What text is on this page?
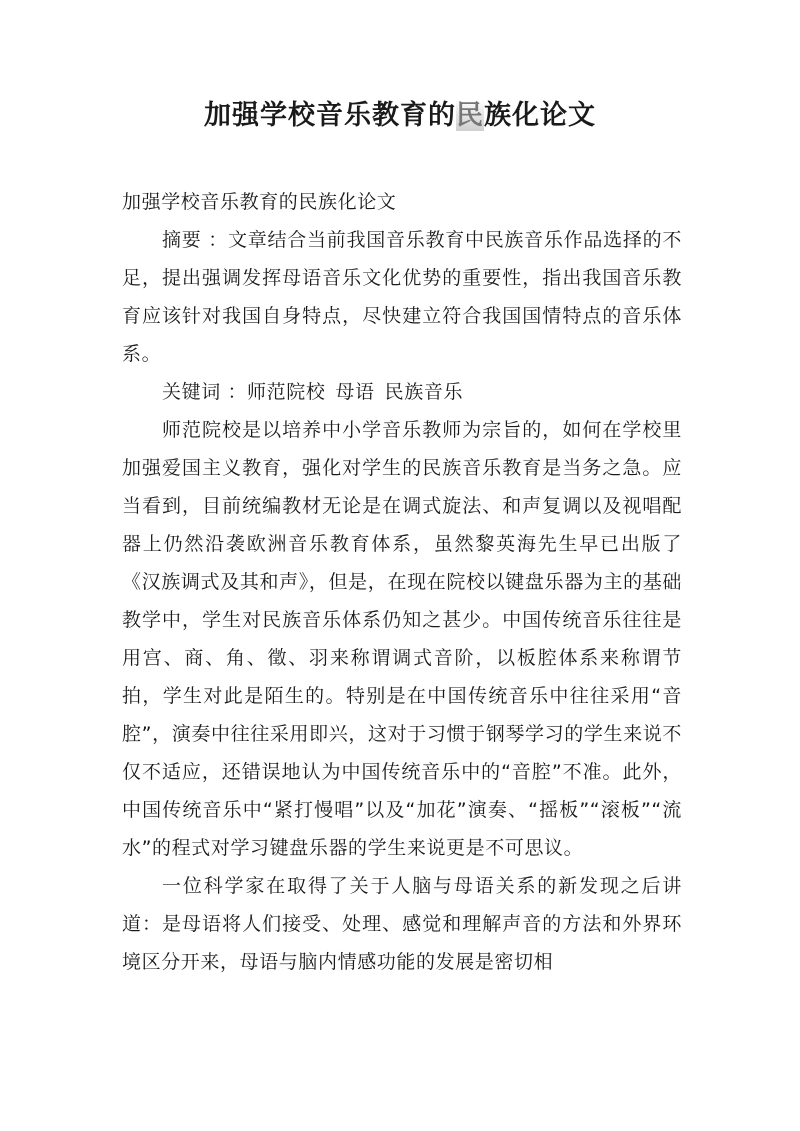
加强学校音乐教育的民族化论文

加强学校音乐教育的民族化论文

摘要 ：文章结合当前我国音乐教育中民族音乐作品选择的不足，提出强调发挥母语音乐文化优势的重要性，指出我国音乐教育应该针对我国自身特点，尽快建立符合我国国情特点的音乐体系。

关键词 ：师范院校 母语 民族音乐

师范院校是以培养中小学音乐教师为宗旨的，如何在学校里加强爱国主义教育，强化对学生的民族音乐教育是当务之急。应当看到，目前统编教材无论是在调式旋法、和声复调以及视唱配器上仍然沿袭欧洲音乐教育体系，虽然黎英海先生早已出版了《汉族调式及其和声》，但是，在现在院校以键盘乐器为主的基础教学中，学生对民族音乐体系仍知之甚少。中国传统音乐往往是用宫、商、角、徵、羽来称谓调式音阶，以板腔体系来称谓节拍，学生对此是陌生的。特别是在中国传统音乐中往往采用“音腔”，演奏中往往采用即兴，这对于习惯于钢琴学习的学生来说不仅不适应，还错误地认为中国传统音乐中的“音腔”不准。此外，中国传统音乐中“紧打慢唱”以及“加花”演奏、“摇板”“滚板”“流水”的程式对学习键盘乐器的学生来说更是不可思议。

一位科学家在取得了关于人脑与母语关系的新发现之后讲道：是母语将人们接受、处理、感觉和理解声音的方法和外界环境区分开来，母语与脑内情感功能的发展是密切相
